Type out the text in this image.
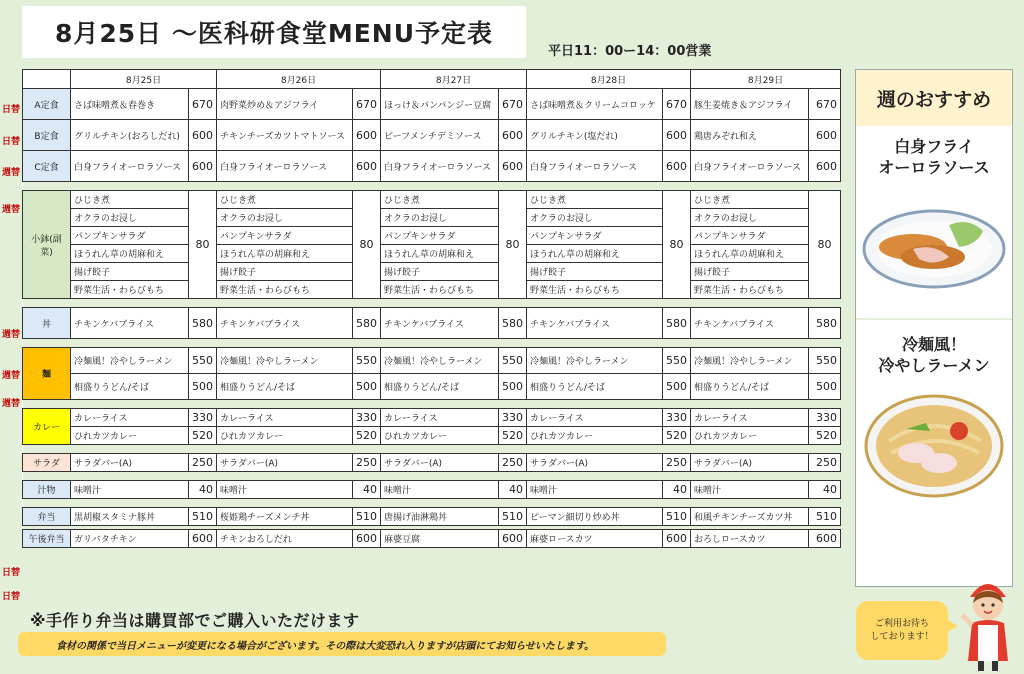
8月25日 ～医科研食堂MENU予定表
平日11：00ー14：00営業
日替
日替
週替
週替
週替
週替
週替
日替
日替
	8月25日		8月26日		8月27日		8月28日		8月29日	
A定食	さば味噌煮＆春巻き	670	肉野菜炒め＆アジフライ	670	ほっけ＆パンパンジー豆腐	670	さば味噌煮＆クリームコロッケ	670	豚生姜焼き＆アジフライ	670
B定食	グリルチキン(おろしだれ)	600	チキンチーズカツトマトソース	600	ビーフメンチデミソース	600	グリルチキン(塩だれ)	600	鶏唐みぞれ和え	600
C定食	白身フライオーロラソース	600	白身フライオーロラソース	600	白身フライオーロラソース	600	白身フライオーロラソース	600	白身フライオーロラソース	600

小鉢(副菜)	ひじき煮	80	ひじき煮	80	ひじき煮	80	ひじき煮	80	ひじき煮	80
	オクラのお浸し		オクラのお浸し		オクラのお浸し		オクラのお浸し		オクラのお浸し	
	パンプキンサラダ		パンプキンサラダ		パンプキンサラダ		パンプキンサラダ		パンプキンサラダ	
	ほうれん草の胡麻和え		ほうれん草の胡麻和え		ほうれん草の胡麻和え		ほうれん草の胡麻和え		ほうれん草の胡麻和え	
	揚げ餃子		揚げ餃子		揚げ餃子		揚げ餃子		揚げ餃子	
	野菜生活・わらびもち		野菜生活・わらびもち		野菜生活・わらびもち		野菜生活・わらびもち		野菜生活・わらびもち	

丼	チキンケバブライス	580	チキンケバブライス	580	チキンケバブライス	580	チキンケバブライス	580	チキンケバブライス	580

麺	冷麺風！冷やしラーメン	550	冷麺風！冷やしラーメン	550	冷麺風！冷やしラーメン	550	冷麺風！冷やしラーメン	550	冷麺風！冷やしラーメン	550
	相盛りうどん/そば	500	相盛りうどん/そば	500	相盛りうどん/そば	500	相盛りうどん/そば	500	相盛りうどん/そば	500

カレー	カレーライス	330	カレーライス	330	カレーライス	330	カレーライス	330	カレーライス	330
	ひれカツカレー	520	ひれカツカレー	520	ひれカツカレー	520	ひれカツカレー	520	ひれカツカレー	520

サラダ	サラダバー(A)	250	サラダバー(A)	250	サラダバー(A)	250	サラダバー(A)	250	サラダバー(A)	250

汁物	味噌汁	40	味噌汁	40	味噌汁	40	味噌汁	40	味噌汁	40

弁当	黒胡椒スタミナ豚丼	510	桜姫鶏チーズメンチ丼	510	唐揚げ油淋鶏丼	510	ピーマン細切り炒め丼	510	和風チキンチーズカツ丼	510

午後弁当	ガリバタチキン	600	チキンおろしだれ	600	麻婆豆腐	600	麻婆ロースカツ	600	おろしロースカツ	600
週のおすすめ
白身フライ
オーロラソース
冷麺風！
冷やしラーメン
※手作り弁当は購買部でご購入いただけます
食材の関係で当日メニューが変更になる場合がございます。その際は大変恐れ入りますが店頭にてお知らせいたします。
ご利用お待ち
しております！
